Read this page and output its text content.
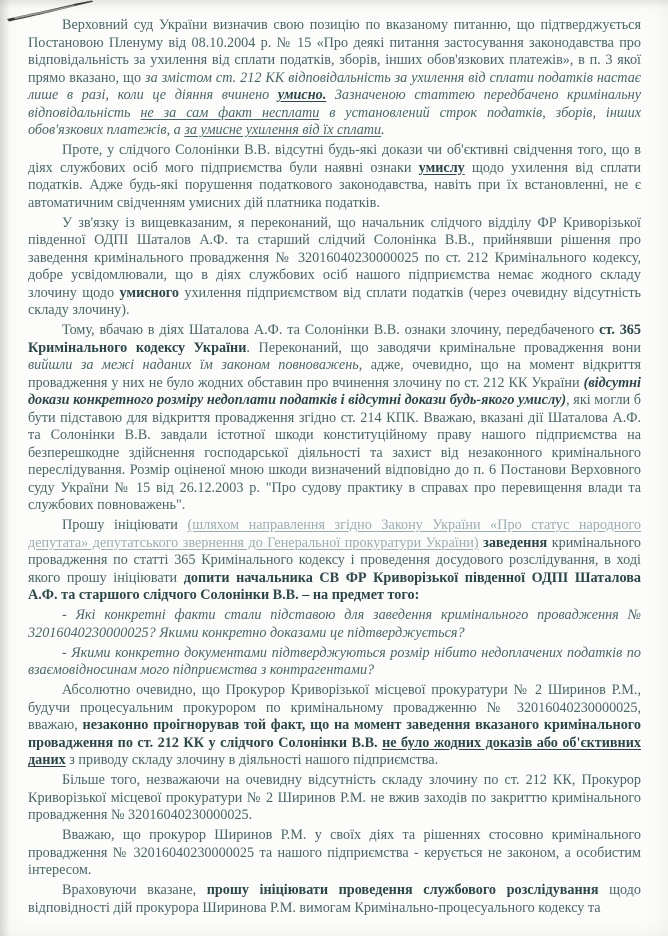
Верховний суд України визначив свою позицію по вказаному питанню, що підтверджується Постановою Пленуму від 08.10.2004 р. № 15 «Про деякі питання застосування законодавства про відповідальність за ухилення від сплати податків, зборів, інших обов'язкових платежів», в п. 3 якої прямо вказано, що за змістом ст. 212 КК відповідальність за ухилення від сплати податків настає лише в разі, коли це діяння вчинено умисно. Зазначеною статтею передбачено кримінальну відповідальність не за сам факт несплати в установлений строк податків, зборів, інших обов'язкових платежів, а за умисне ухилення від їх сплати.

Проте, у слідчого Солонінки В.В. відсутні будь-які докази чи об'єктивні свідчення того, що в діях службових осіб мого підприємства були наявні ознаки умислу щодо ухилення від сплати податків. Адже будь-які порушення податкового законодавства, навіть при їх встановленні, не є автоматичним свідченням умисних дій платника податків.

У зв'язку із вищевказаним, я переконаний, що начальник слідчого відділу ФР Криворізької південної ОДПІ Шаталов А.Ф. та старший слідчий Солонінка В.В., прийнявши рішення про заведення кримінального провадження № 32016040230000025 по ст. 212 Кримінального кодексу, добре усвідомлювали, що в діях службових осіб нашого підприємства немає жодного складу злочину щодо умисного ухилення підприємством від сплати податків (через очевидну відсутність складу злочину).

Тому, вбачаю в діях Шаталова А.Ф. та Солонінки В.В. ознаки злочину, передбаченого ст. 365 Кримінального кодексу України. Переконаний, що заводячи кримінальне провадження вони вийшли за межі наданих їм законом повноважень, адже, очевидно, що на момент відкриття провадження у них не було жодних обставин про вчинення злочину по ст. 212 КК України (відсутні докази конкретного розміру недоплати податків і відсутні докази будь-якого умислу), які могли б бути підставою для відкриття провадження згідно ст. 214 КПК. Вважаю, вказані дії Шаталова А.Ф. та Солонінки В.В. завдали істотної шкоди конституційному праву нашого підприємства на безперешкодне здійснення господарської діяльності та захист від незаконного кримінального переслідування. Розмір оціненої мною шкоди визначений відповідно до п. 6 Постанови Верховного суду України № 15 від 26.12.2003 р. "Про судову практику в справах про перевищення влади та службових повноважень".

Прошу ініціювати (шляхом направлення згідно Закону України «Про статус народного депутата» депутатського звернення до Генеральної прокуратури України) заведення кримінального провадження по статті 365 Кримінального кодексу і проведення досудового розслідування, в ході якого прошу ініціювати допити начальника СВ ФР Криворізької південної ОДПІ Шаталова А.Ф. та старшого слідчого Солонінки В.В. – на предмет того:

- Які конкретні факти стали підставою для заведення кримінального провадження № 32016040230000025? Якими конкретно доказами це підтверджується?

- Якими конкретно документами підтверджуються розмір нібито недоплачених податків по взаємовідносинам мого підприємства з контрагентами?

Абсолютно очевидно, що Прокурор Криворізької місцевої прокуратури № 2 Ширинов Р.М., будучи процесуальним прокурором по кримінальному провадженню № 32016040230000025, вважаю, незаконно проігнорував той факт, що на момент заведення вказаного кримінального провадження по ст. 212 КК у слідчого Солонінки В.В. не було жодних доказів або об'єктивних даних з приводу складу злочину в діяльності нашого підприємства.

Більше того, незважаючи на очевидну відсутність складу злочину по ст. 212 КК, Прокурор Криворізької місцевої прокуратури № 2 Ширинов Р.М. не вжив заходів по закриттю кримінального провадження № 32016040230000025.

Вважаю, що прокурор Ширинов Р.М. у своїх діях та рішеннях стосовно кримінального провадження № 32016040230000025 та нашого підприємства - керується не законом, а особистим інтересом.

Враховуючи вказане, прошу ініціювати проведення службового розслідування щодо відповідності дій прокурора Ширинова Р.М. вимогам Кримінально-процесуального кодексу та
